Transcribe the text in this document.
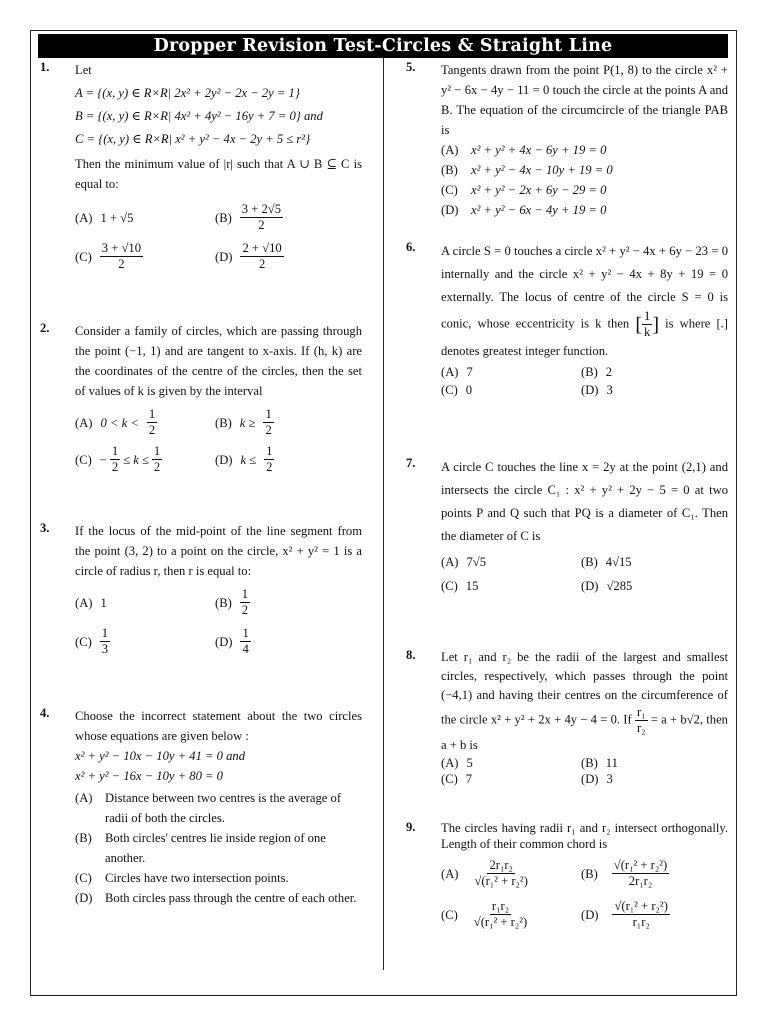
Dropper Revision Test-Circles & Straight Line
1. Let
A = {(x, y) ∈ R×R| 2x² + 2y² − 2x − 2y = 1}
B = {(x, y) ∈ R×R| 4x² + 4y² − 16y + 7 = 0} and
C = {(x, y) ∈ R×R| x² + y² − 4x − 2y + 5 ≤ r²}
Then the minimum value of |r| such that A ∪ B ⊆ C is equal to:
(A) 1 + √5	$(B) \frac{3 + 2√5}{2}$
$(C) \frac{3 + √10}{2}$	$(D) \frac{2 + √10}{2}$
2. Consider a family of circles, which are passing through the point (−1, 1) and are tangent to x-axis. If (h, k) are the coordinates of the centre of the circles, then the set of values of k is given by the interval
(A) $0 < k < \frac{1}{2}$	(B) $k \ge \frac{1}{2}$
$(C) - \frac{1}{2} \le k \le \frac{1}{2}$	(D) $k \le \frac{1}{2}$
3. If the locus of the mid-point of the line segment from the point (3, 2) to a point on the circle, x² + y² = 1 is a circle of radius r, then r is equal to:
(A) 1	$(B) \frac{1}{2}$
$(C) \frac{1}{3}$	$(D) \frac{1}{4}$
4. Choose the incorrect statement about the two circles whose equations are given below :
x² + y² − 10x − 10y + 41 = 0 and
x² + y² − 16x − 10y + 80 = 0
(A) Distance between two centres is the average of radii of both the circles.
(B)	Both circles' centres lie inside region of one another.
(C)	Circles have two intersection points.
(D) Both circles pass through the centre of each other.
5. Tangents drawn from the point P(1, 8) to the circle x² + y² − 6x − 4y − 11 = 0 touch the circle at the points A and B. The equation of the circumcircle of the triangle PAB is
(A) x² + y² + 4x − 6y + 19 = 0
(B)	x² + y² − 4x − 10y + 19 = 0
(C)	x² + y² − 2x + 6y − 29 = 0
(D) x² + y² − 6x − 4y + 19 = 0
6. A circle S = 0 touches a circle x² + y² − 4x + 6y − 23 = 0 internally and the circle x² + y² − 4x + 8y + 19 = 0 externally. The locus of centre of the circle S = 0 is conic, whose eccentricity is k then [ $\frac{1}{k}$ ] is where [.] denotes greatest integer function.
(A) 7	(B) 2
(C) 0	(D) 3
7. A circle C touches the line x = 2y at the point (2,1) and intersects the circle C₁ : x² + y² + 2y − 5 = 0 at two points P and Q such that PQ is a diameter of C₁. Then the diameter of C is
(A) 7√5	(B) 4√15
(C) 15	(D) √285
8. Let r₁ and r₂ be the radii of the largest and smallest circles, respectively, which passes through the point (−4,1) and having their centres on the circumference of the circle x² + y² + 2x + 4y − 4 = 0. If $\frac{\text{r₁}}{\text{r₂}} = a + b√2$, then a + b is
(A) 5	(B) 11
(C) 7	(D) 3
9. The circles having radii r₁ and r₂ intersect orthogonally. Length of their common chord is
$(A) \frac{\text{2r₁r₂}}{\text{√(r₁² + r₂²)}}$	$(B) \frac{\text{√(r₁² + r₂²)}}{\text{2r₁r₂}}$
$(C) \frac{\text{r₁r₂}}{\text{√(r₁² + r₂²)}}$	$(D) \frac{\text{√(r₁² + r₂²)}}{\text{r₁r₂}}$
